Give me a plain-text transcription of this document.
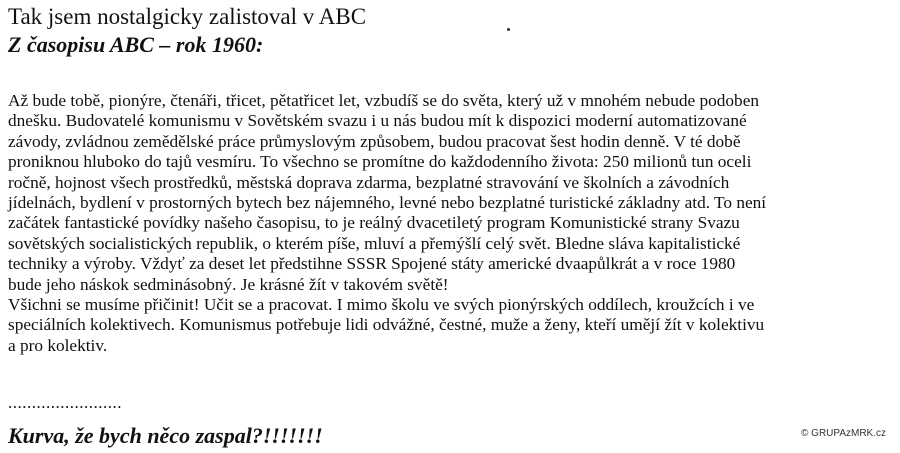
Tak jsem nostalgicky zalistoval v ABC
Z časopisu ABC – rok 1960:
Až bude tobě, pionýre, čtenáři, třicet, pětatřicet let, vzbudíš se do světa, který už v mnohém nebude podoben
dnešku. Budovatelé komunismu v Sovětském svazu i u nás budou mít k dispozici moderní automatizované
závody, zvládnou zemědělské práce průmyslovým způsobem, budou pracovat šest hodin denně. V té době
proniknou hluboko do tajů vesmíru. To všechno se promítne do každodenního života: 250 milionů tun oceli
ročně, hojnost všech prostředků, městská doprava zdarma, bezplatné stravování ve školních a závodních
jídelnách, bydlení v prostorných bytech bez nájemného, levné nebo bezplatné turistické základny atd. To není
začátek fantastické povídky našeho časopisu, to je reálný dvacetiletý program Komunistické strany Svazu
sovětských socialistických republik, o kterém píše, mluví a přemýšlí celý svět. Bledne sláva kapitalistické
techniky a výroby. Vždyť za deset let předstihne SSSR Spojené státy americké dvaapůlkrát a v roce 1980
bude jeho náskok sedminásobný. Je krásné žít v takovém světě!
Všichni se musíme přičinit! Učit se a pracovat. I mimo školu ve svých pionýrských oddílech, kroužcích i ve
speciálních kolektivech. Komunismus potřebuje lidi odvážné, čestné, muže a ženy, kteří umějí žít v kolektivu
a pro kolektiv.
........................
Kurva, že bych něco zaspal?!!!!!!!	© GRUPAzMRK.cz
